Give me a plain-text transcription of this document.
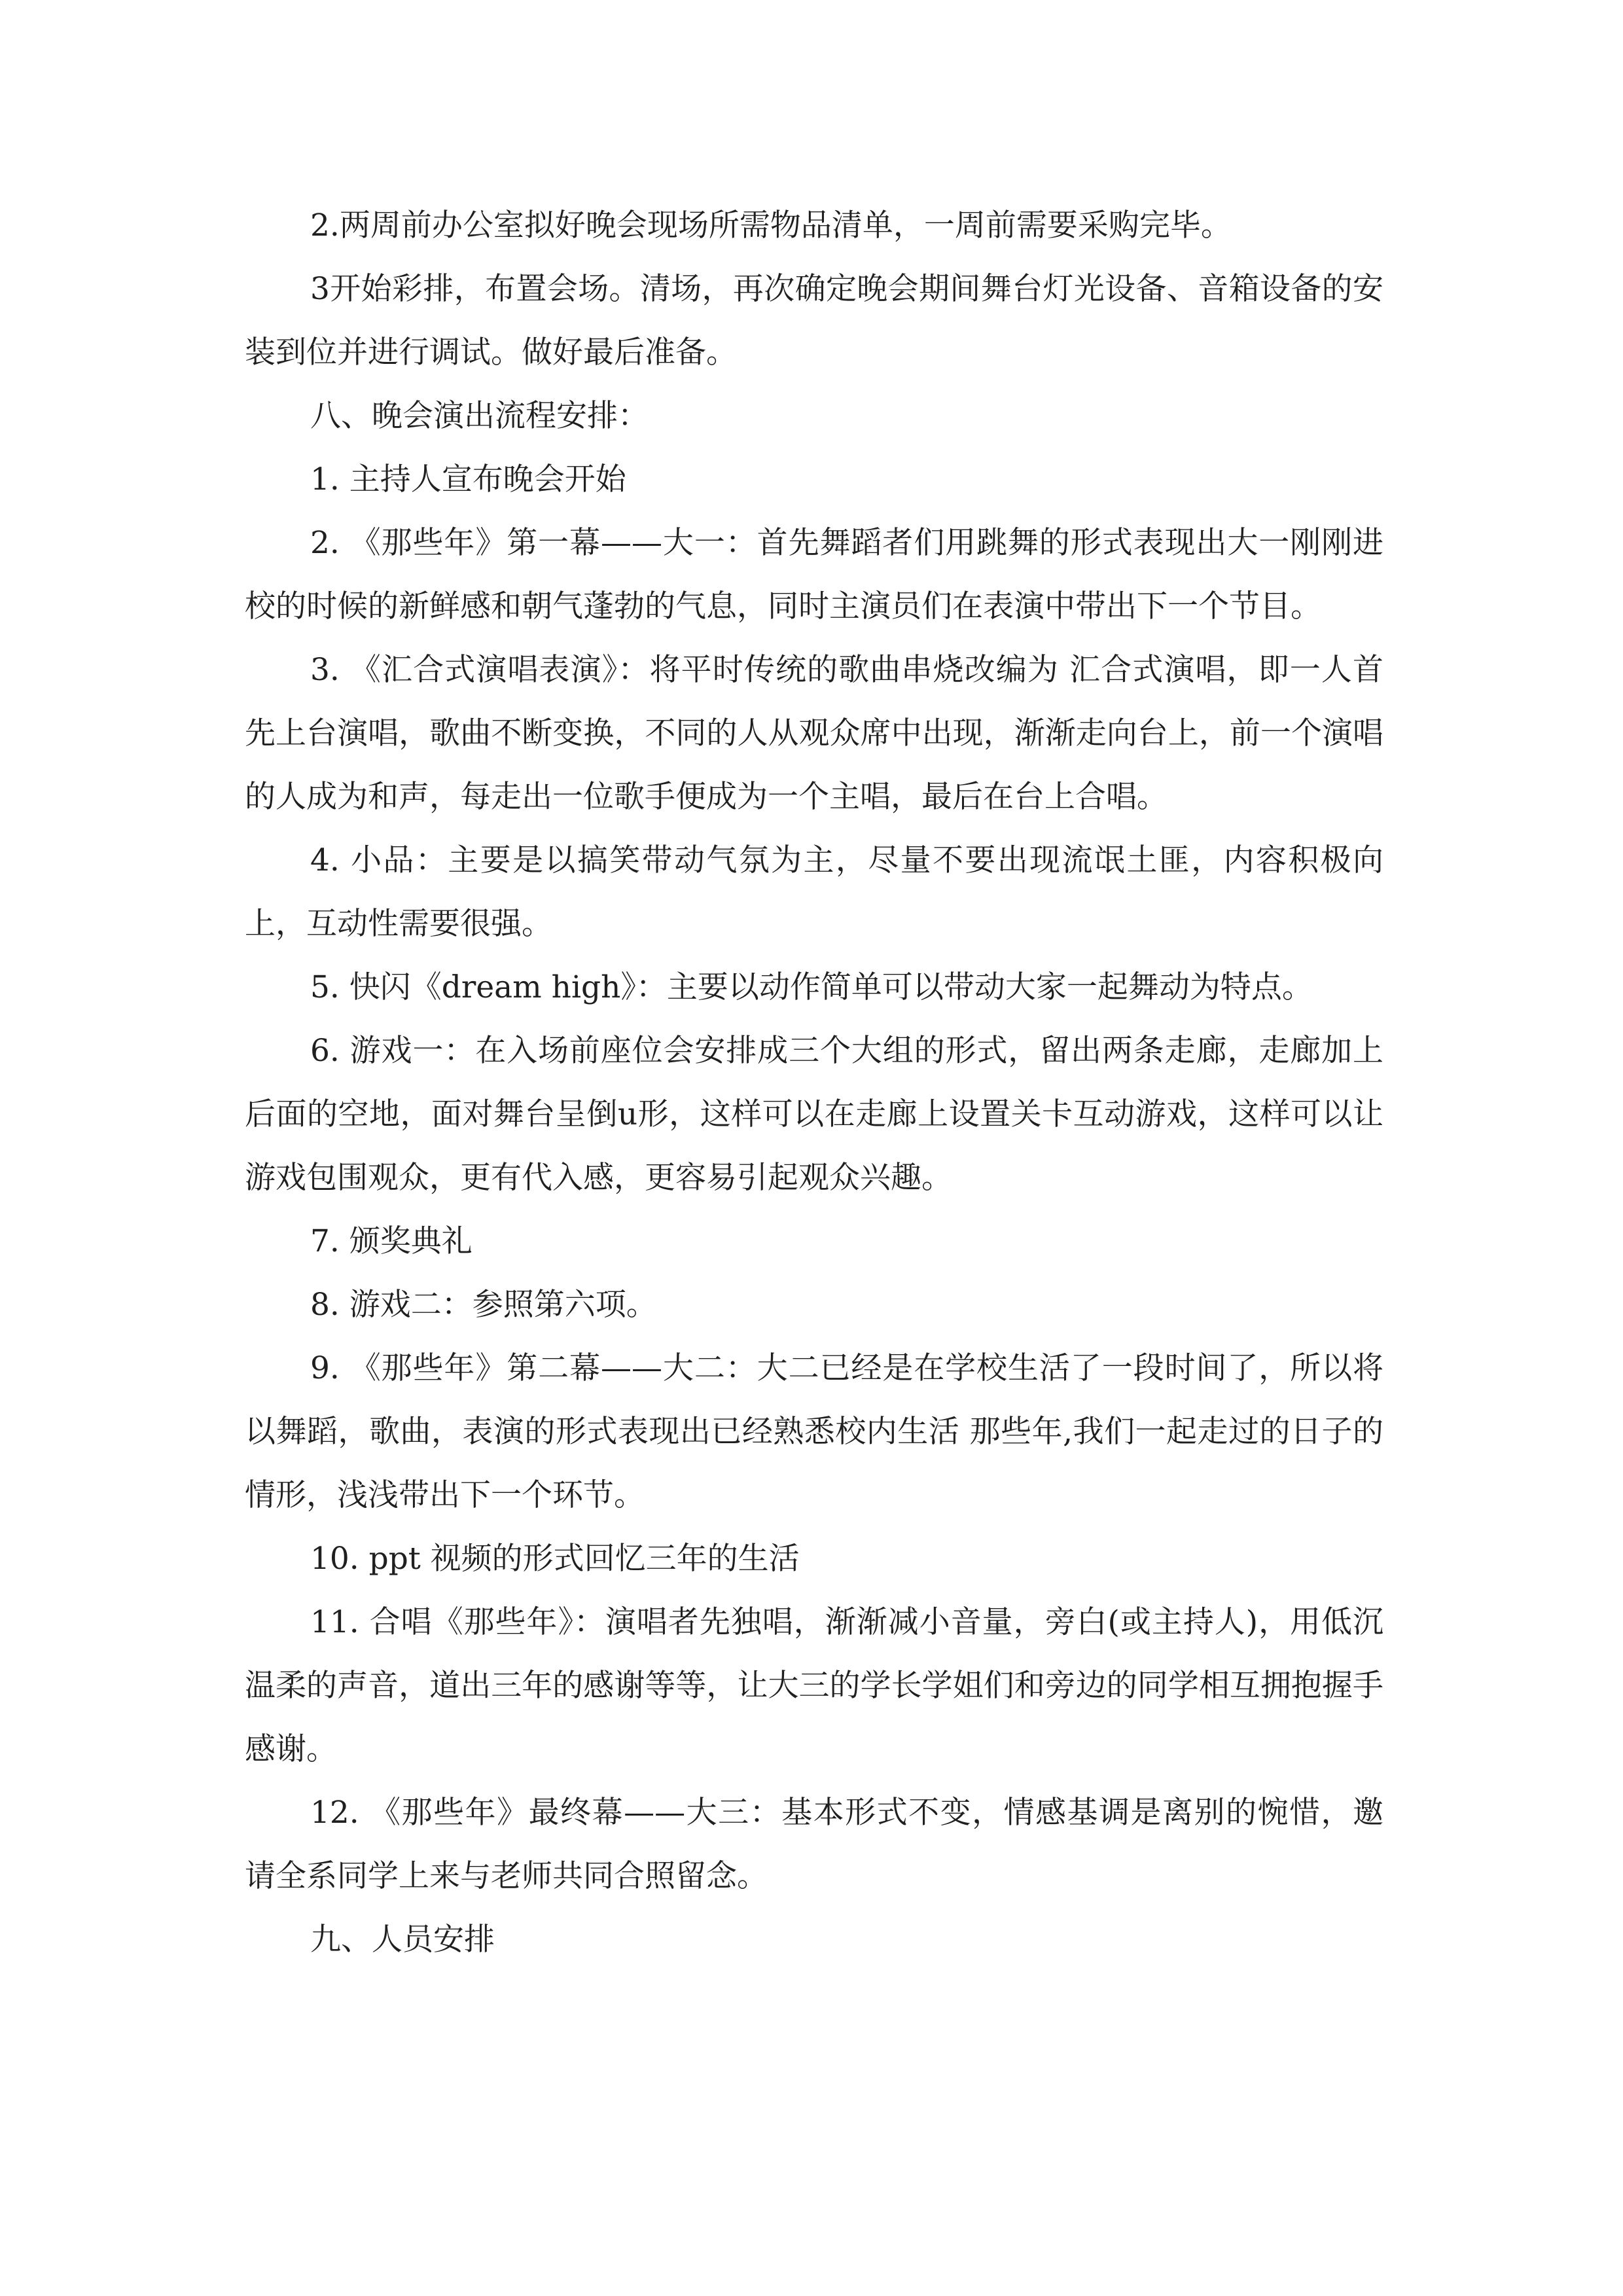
2.两周前办公室拟好晚会现场所需物品清单，一周前需要采购完毕。

3开始彩排，布置会场。清场，再次确定晚会期间舞台灯光设备、音箱设备的安装到位并进行调试。做好最后准备。

八、晚会演出流程安排：

1. 主持人宣布晚会开始

2. 《那些年》第一幕——大一：首先舞蹈者们用跳舞的形式表现出大一刚刚进校的时候的新鲜感和朝气蓬勃的气息，同时主演员们在表演中带出下一个节目。

3. 《汇合式演唱表演》：将平时传统的歌曲串烧改编为 汇合式演唱，即一人首先上台演唱，歌曲不断变换，不同的人从观众席中出现，渐渐走向台上，前一个演唱的人成为和声，每走出一位歌手便成为一个主唱，最后在台上合唱。

4. 小品：主要是以搞笑带动气氛为主，尽量不要出现流氓土匪，内容积极向上，互动性需要很强。

5. 快闪《dream high》：主要以动作简单可以带动大家一起舞动为特点。

6. 游戏一：在入场前座位会安排成三个大组的形式，留出两条走廊，走廊加上后面的空地，面对舞台呈倒u形，这样可以在走廊上设置关卡互动游戏，这样可以让游戏包围观众，更有代入感，更容易引起观众兴趣。

7. 颁奖典礼

8. 游戏二：参照第六项。

9. 《那些年》第二幕——大二：大二已经是在学校生活了一段时间了，所以将以舞蹈，歌曲，表演的形式表现出已经熟悉校内生活 那些年,我们一起走过的日子的情形，浅浅带出下一个环节。

10. ppt 视频的形式回忆三年的生活

11. 合唱《那些年》：演唱者先独唱，渐渐减小音量，旁白(或主持人)，用低沉温柔的声音，道出三年的感谢等等，让大三的学长学姐们和旁边的同学相互拥抱握手感谢。

12. 《那些年》最终幕——大三：基本形式不变，情感基调是离别的惋惜，邀请全系同学上来与老师共同合照留念。

九、人员安排
